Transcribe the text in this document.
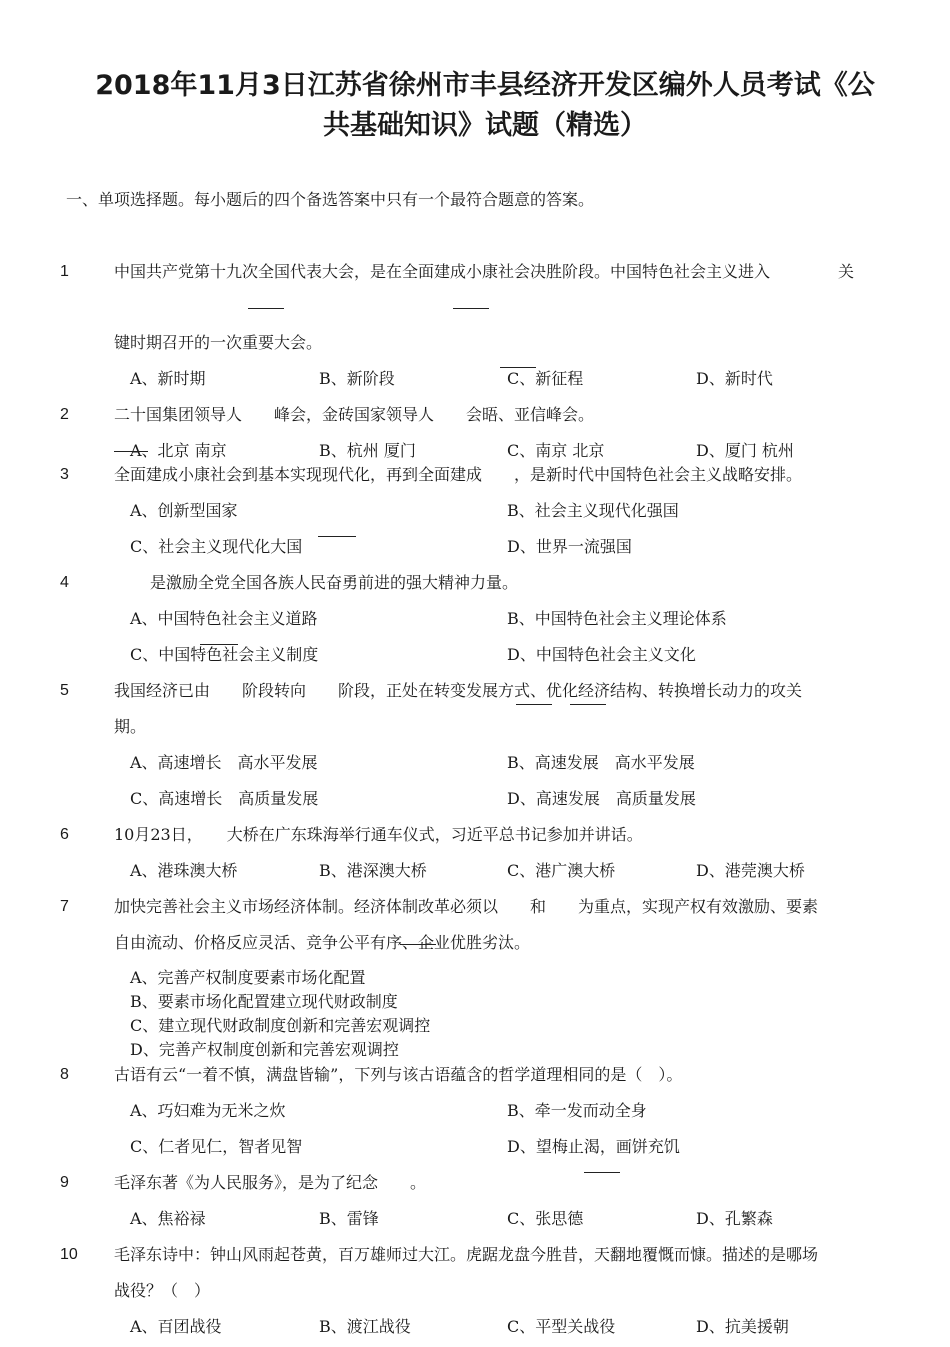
2018年11月3日江苏省徐州市丰县经济开发区编外人员考试《公
共基础知识》试题（精选）
一、单项选择题。每小题后的四个备选答案中只有一个最符合题意的答案。
1	中国共产党第十九次全国代表大会，是在全面建成小康社会决胜阶段。中国特色社会主义进入	关
键时期召开的一次重要大会。
A、新时期	B、新阶段	C、新征程	D、新时代
2	二十国集团领导人　　峰会，金砖国家领导人　　会晤、亚信峰会。
A、北京 南京	B、杭州 厦门	C、南京 北京	D、厦门 杭州
3	全面建成小康社会到基本实现现代化，再到全面建成　　，是新时代中国特色社会主义战略安排。
A、创新型国家	B、社会主义现代化强国
C、社会主义现代化大国	D、世界一流强国
4	是激励全党全国各族人民奋勇前进的强大精神力量。
A、中国特色社会主义道路	B、中国特色社会主义理论体系
C、中国特色社会主义制度	D、中国特色社会主义文化
5	我国经济已由　　阶段转向　　阶段，正处在转变发展方式、优化经济结构、转换增长动力的攻关
期。
A、高速增长　高水平发展	B、高速发展　高水平发展
C、高速增长　高质量发展	D、高速发展　高质量发展
6	10月23日，　　大桥在广东珠海举行通车仪式，习近平总书记参加并讲话。
A、港珠澳大桥	B、港深澳大桥	C、港广澳大桥	D、港莞澳大桥
7	加快完善社会主义市场经济体制。经济体制改革必须以　　和　　为重点，实现产权有效激励、要素
自由流动、价格反应灵活、竞争公平有序、企业优胜劣汰。
A、完善产权制度要素市场化配置
B、要素市场化配置建立现代财政制度
C、建立现代财政制度创新和完善宏观调控
D、完善产权制度创新和完善宏观调控
8	古语有云“一着不慎，满盘皆输”，下列与该古语蕴含的哲学道理相同的是（　）。
A、巧妇难为无米之炊	B、牵一发而动全身
C、仁者见仁，智者见智	D、望梅止渴，画饼充饥
9	毛泽东著《为人民服务》，是为了纪念　　。
A、焦裕禄	B、雷锋	C、张思德	D、孔繁森
10	毛泽东诗中：钟山风雨起苍黄，百万雄师过大江。虎踞龙盘今胜昔，天翻地覆慨而慷。描述的是哪场
战役？（　）
A、百团战役	B、渡江战役	C、平型关战役	D、抗美援朝
